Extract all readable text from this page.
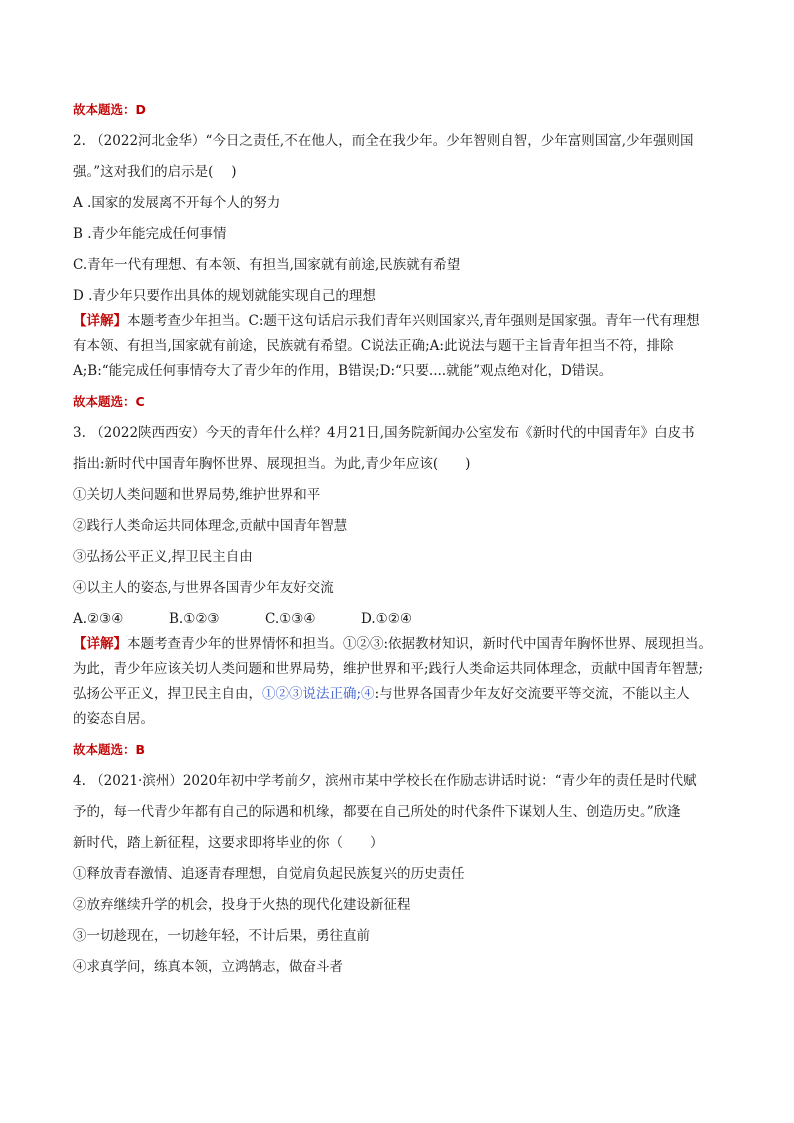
故本题选：D

2. （2022河北金华）“今日之责任,不在他人，而全在我少年。少年智则自智，少年富则国富,少年强则国

强。”这对我们的启示是(　 )

A .国家的发展离不开每个人的努力

B .青少年能完成任何事情

C.青年一代有理想、有本领、有担当,国家就有前途,民族就有希望

D .青少年只要作出具体的规划就能实现自己的理想

【详解】本题考查少年担当。C:题干这句话启示我们青年兴则国家兴,青年强则是国家强。青年一代有理想

有本领、有担当,国家就有前途，民族就有希望。C说法正确;A:此说法与题干主旨青年担当不符，排除

A;B:“能完成任何事情夸大了青少年的作用，B错误;D:“只要....就能”观点绝对化，D错误。

故本题选：C

3. （2022陕西西安）今天的青年什么样？4月21日,国务院新闻办公室发布《新时代的中国青年》白皮书

指出:新时代中国青年胸怀世界、展现担当。为此,青少年应该(　　)

①关切人类问题和世界局势,维护世界和平

②践行人类命运共同体理念,贡献中国青年智慧

③弘扬公平正义,捍卫民主自由

④以主人的姿态,与世界各国青少年友好交流

A.②③④	B.①②③	C.①③④	D.①②④

【详解】本题考查青少年的世界情怀和担当。①②③:依据教材知识，新时代中国青年胸怀世界、展现担当。

为此，青少年应该关切人类问题和世界局势，维护世界和平;践行人类命运共同体理念，贡献中国青年智慧;

弘扬公平正义，捍卫民主自由，①②③说法正确;④:与世界各国青少年友好交流要平等交流，不能以主人

的姿态自居。

故本题选：B

4. （2021·滨州）2020年初中学考前夕，滨州市某中学校长在作励志讲话时说：“青少年的责任是时代赋

予的，每一代青少年都有自己的际遇和机缘，都要在自己所处的时代条件下谋划人生、创造历史。”欣逢

新时代，踏上新征程，这要求即将毕业的你（　　）

①释放青春激情、追逐青春理想，自觉肩负起民族复兴的历史责任

②放弃继续升学的机会，投身于火热的现代化建设新征程

③一切趁现在，一切趁年轻，不计后果，勇往直前

④求真学问，练真本领，立鸿鹄志，做奋斗者
